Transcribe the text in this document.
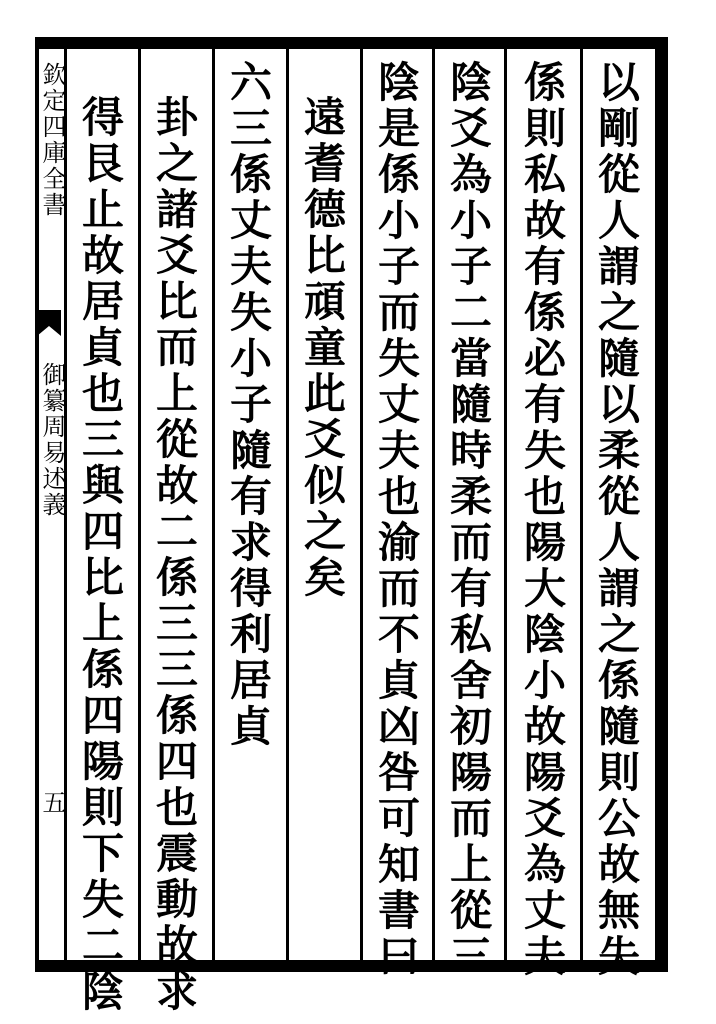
欽定四庫全書
御纂周易述義
五	以剛從人謂之隨以柔從人謂之係隨則公故無失
係則私故有係必有失也陽大陰小故陽爻為丈夫
陰爻為小子二當隨時柔而有私舍初陽而上從三
陰是係小子而失丈夫也渝而不貞凶咎可知書曰
遠耆德比頑童此爻似之矣
六三係丈夫失小子隨有求得利居貞
卦之諸爻比而上從故二係三三係四也震動故求
得艮止故居貞也三與四比上係四陽則下失二陰
